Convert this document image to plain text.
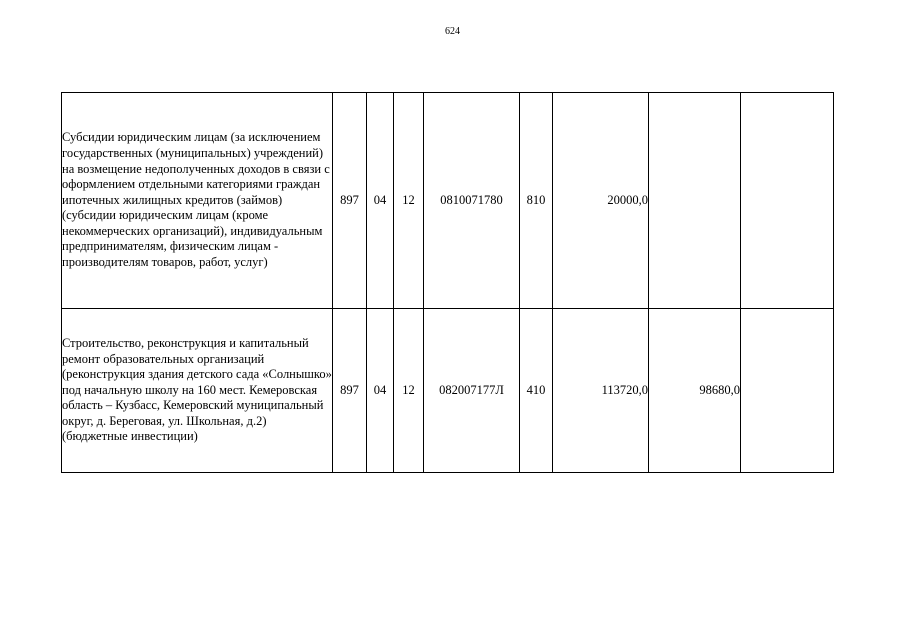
624
Субсидии юридическим лицам (за исключением государственных (муниципальных) учреждений) на возмещение недополученных доходов в связи с оформлением отдельными категориями граждан ипотечных жилищных кредитов (займов) (субсидии юридическим лицам (кроме некоммерческих организаций), индивидуальным предпринимателям, физическим лицам - производителям товаров, работ, услуг)	897	04	12	0810071780	810	20000,0		
Строительство, реконструкция и капитальный ремонт образовательных организаций (реконструкция здания детского сада «Солнышко» под начальную школу на 160 мест. Кемеровская область – Кузбасс, Кемеровский муниципальный округ, д. Береговая, ул. Школьная, д.2) (бюджетные инвестиции)	897	04	12	082007177Л	410	113720,0	98680,0	
